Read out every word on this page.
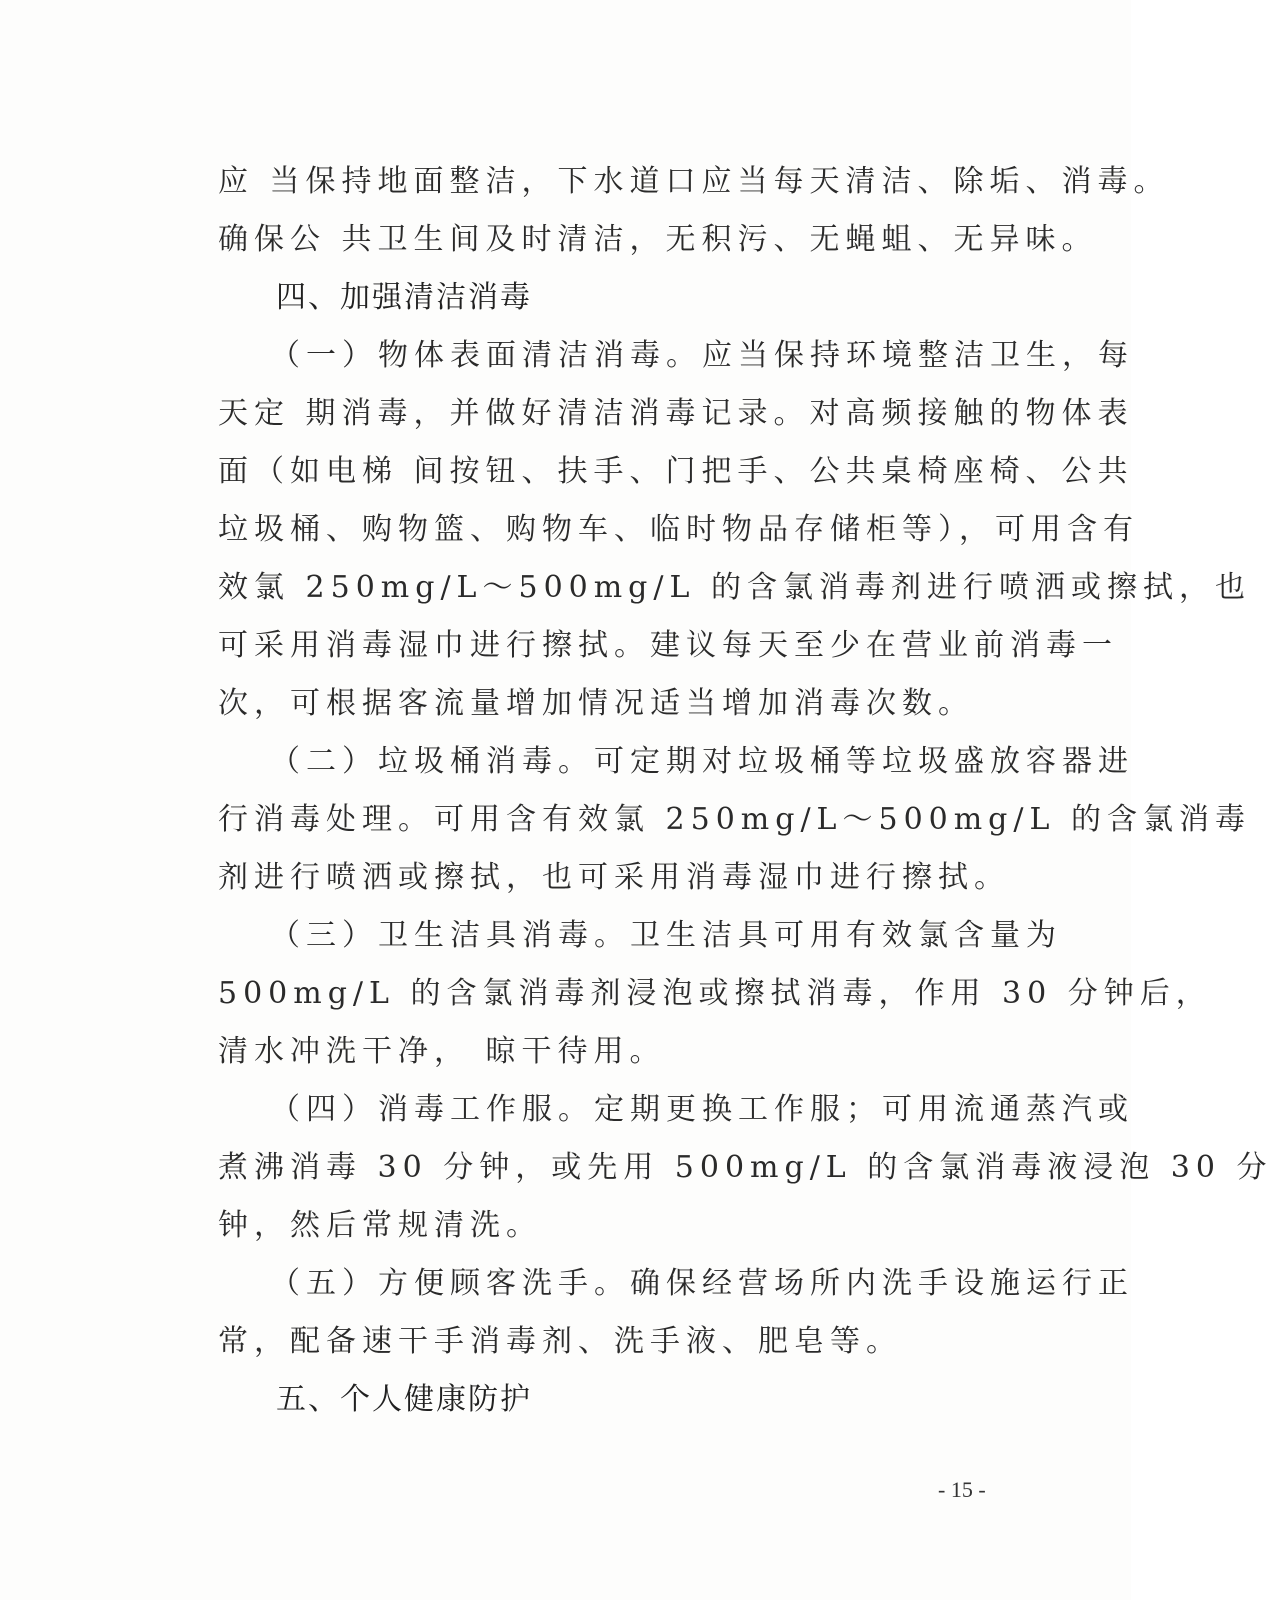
应 当保持地面整洁，下水道口应当每天清洁、除垢、消毒。
确保公 共卫生间及时清洁，无积污、无蝇蛆、无异味。
四、加强清洁消毒
（一）物体表面清洁消毒。应当保持环境整洁卫生，每
天定 期消毒，并做好清洁消毒记录。对高频接触的物体表
面（如电梯 间按钮、扶手、门把手、公共桌椅座椅、公共
垃圾桶、购物篮、购物车、临时物品存储柜等），可用含有
效氯 250mg/L～500mg/L 的含氯消毒剂进行喷洒或擦拭，也
可采用消毒湿巾进行擦拭。建议每天至少在营业前消毒一
次，可根据客流量增加情况适当增加消毒次数。
（二）垃圾桶消毒。可定期对垃圾桶等垃圾盛放容器进
行消毒处理。可用含有效氯 250mg/L～500mg/L 的含氯消毒
剂进行喷洒或擦拭，也可采用消毒湿巾进行擦拭。
（三）卫生洁具消毒。卫生洁具可用有效氯含量为
500mg/L 的含氯消毒剂浸泡或擦拭消毒，作用 30 分钟后，
清水冲洗干净， 晾干待用。
（四）消毒工作服。定期更换工作服；可用流通蒸汽或
煮沸消毒 30 分钟，或先用 500mg/L 的含氯消毒液浸泡 30 分
钟，然后常规清洗。
（五）方便顾客洗手。确保经营场所内洗手设施运行正
常，配备速干手消毒剂、洗手液、肥皂等。
五、个人健康防护
- 15 -
